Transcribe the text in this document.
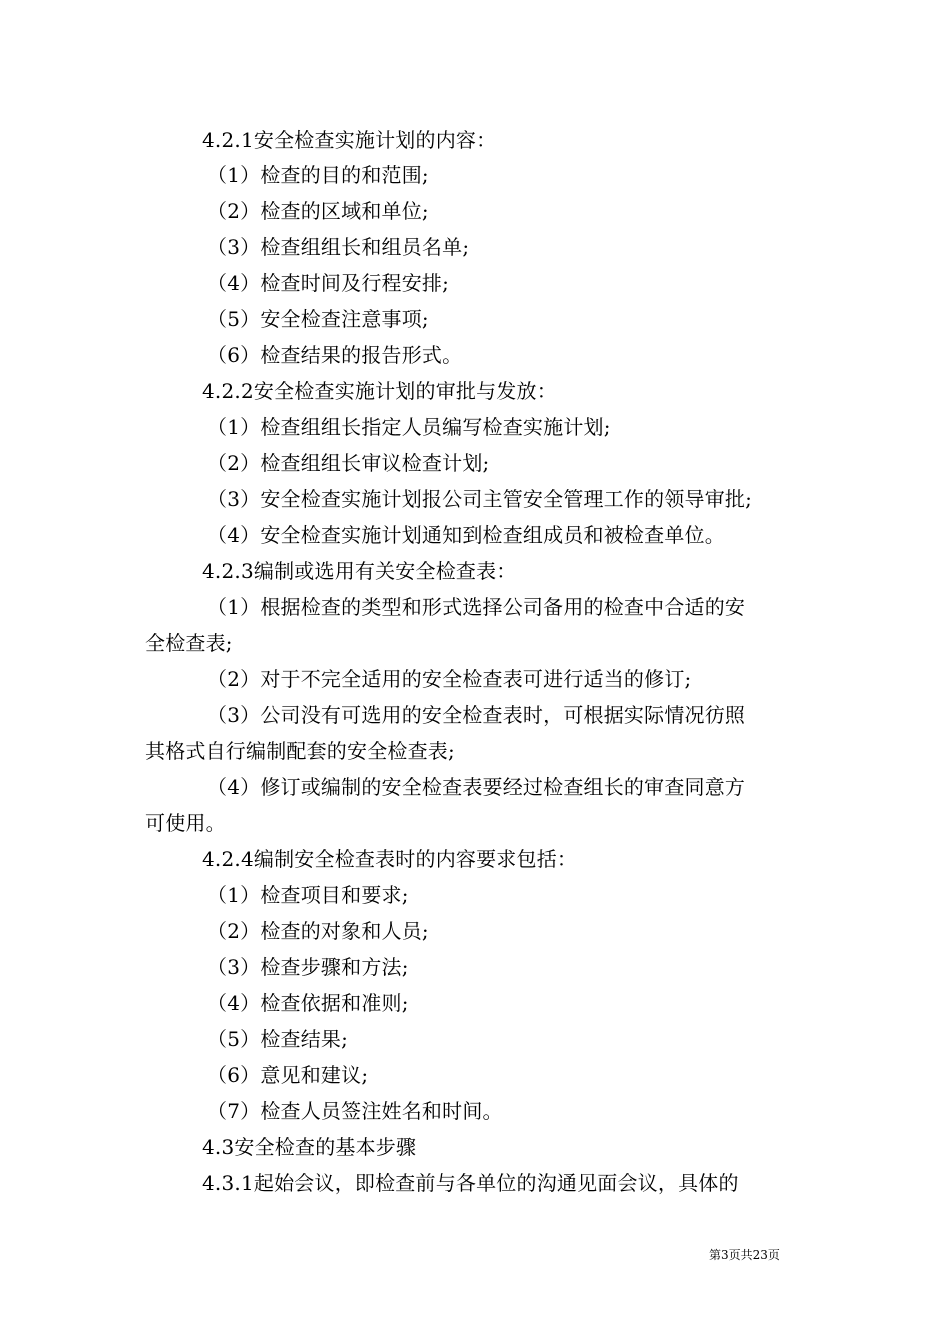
4.2.1安全检查实施计划的内容：
（1）检查的目的和范围;
（2）检查的区域和单位;
（3）检查组组长和组员名单;
（4）检查时间及行程安排;
（5）安全检查注意事项;
（6）检查结果的报告形式。
4.2.2安全检查实施计划的审批与发放：
（1）检查组组长指定人员编写检查实施计划;
（2）检查组组长审议检查计划;
（3）安全检查实施计划报公司主管安全管理工作的领导审批;
（4）安全检查实施计划通知到检查组成员和被检查单位。
4.2.3编制或选用有关安全检查表：
（1）根据检查的类型和形式选择公司备用的检查中合适的安
全检查表;
（2）对于不完全适用的安全检查表可进行适当的修订;
（3）公司没有可选用的安全检查表时，可根据实际情况彷照
其格式自行编制配套的安全检查表;
（4）修订或编制的安全检查表要经过检查组长的审查同意方
可使用。
4.2.4编制安全检查表时的内容要求包括：
（1）检查项目和要求;
（2）检查的对象和人员;
（3）检查步骤和方法;
（4）检查依据和准则;
（5）检查结果;
（6）意见和建议;
（7）检查人员签注姓名和时间。
4.3安全检查的基本步骤
4.3.1起始会议，即检查前与各单位的沟通见面会议，具体的
第3页共23页
